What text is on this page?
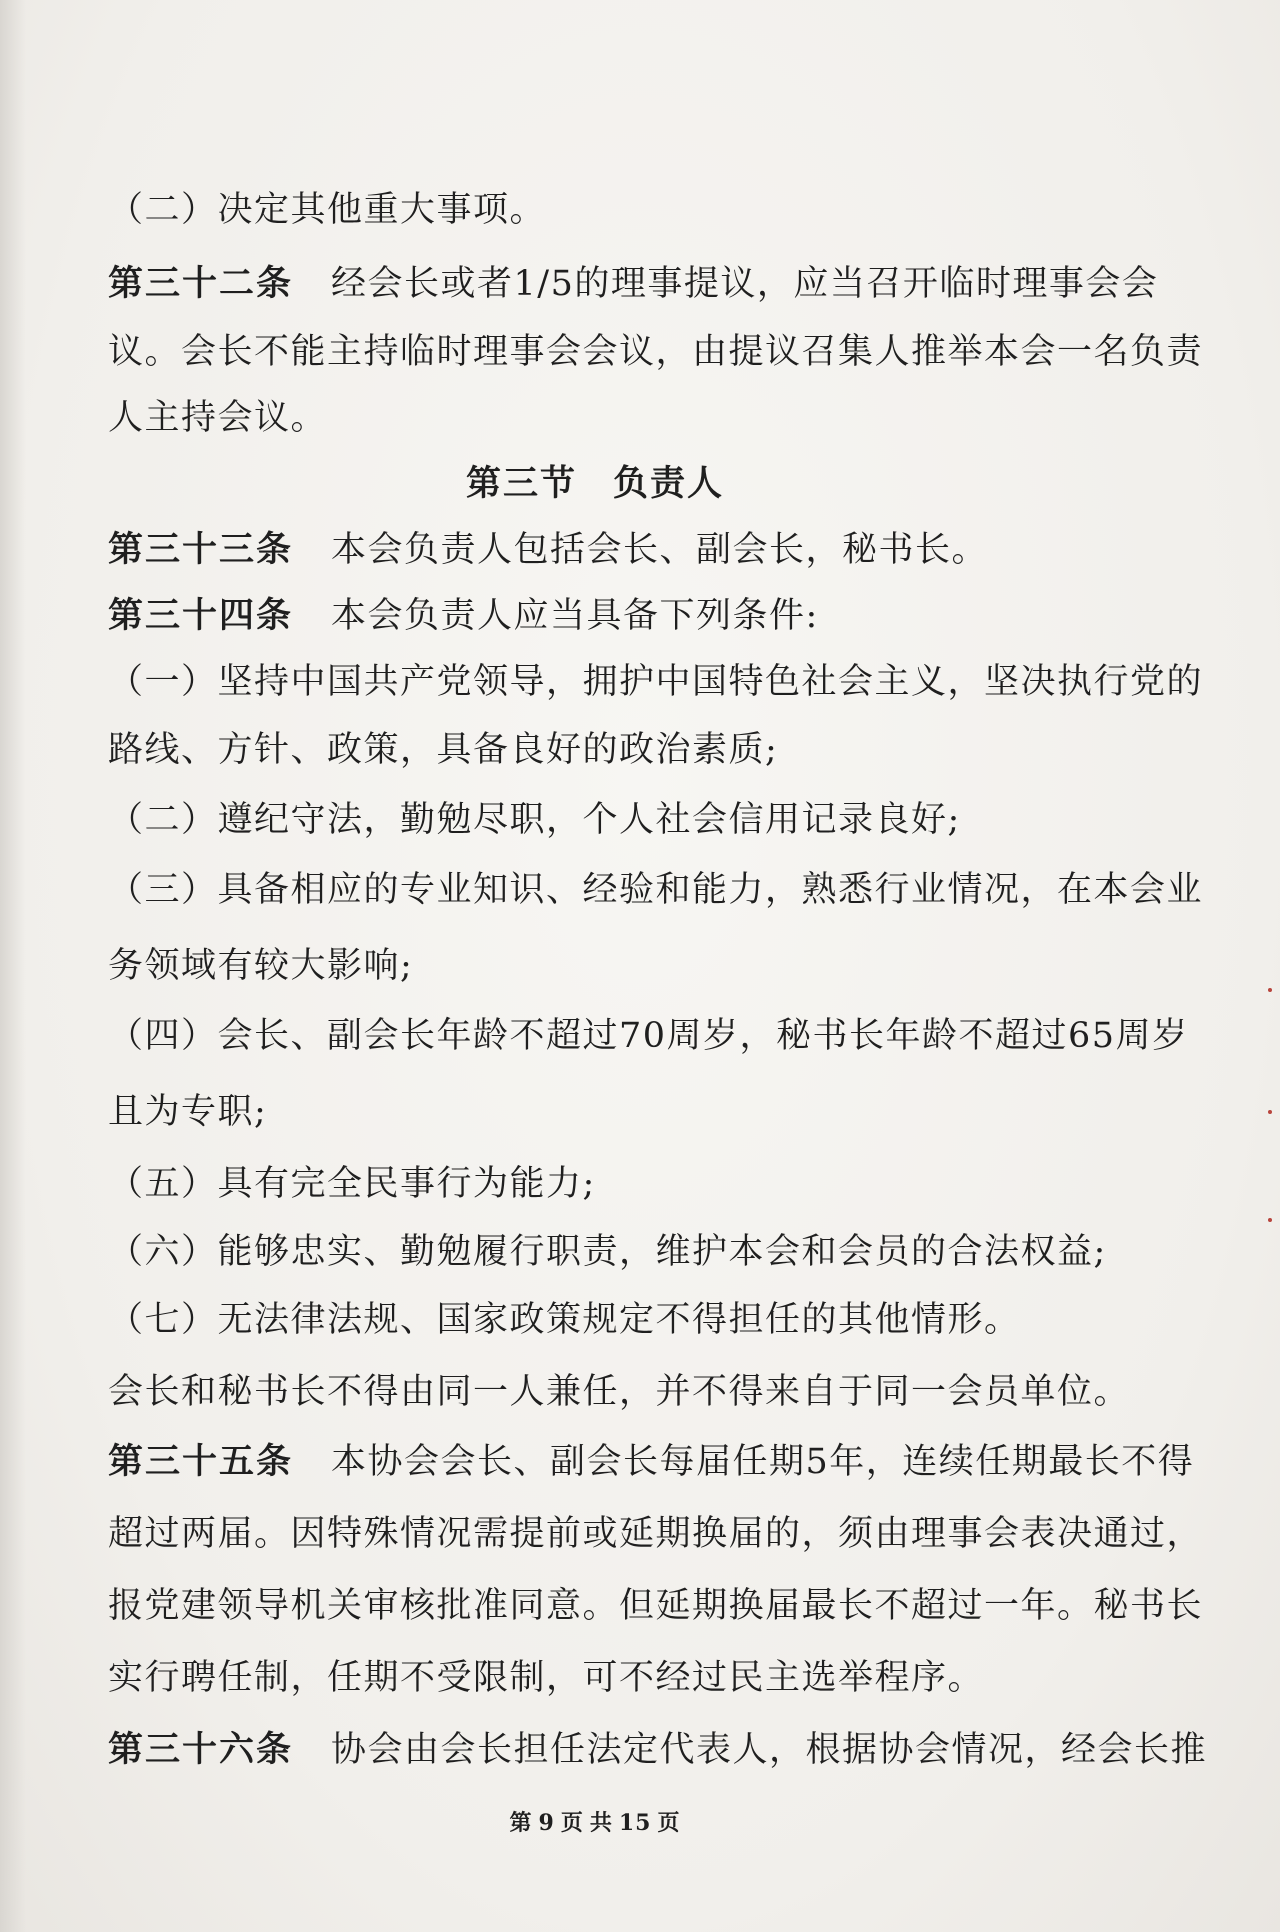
（二）决定其他重大事项。
第三十二条 经会长或者1/5的理事提议，应当召开临时理事会会
议。会长不能主持临时理事会会议，由提议召集人推举本会一名负责
人主持会议。
第三节 负责人
第三十三条 本会负责人包括会长、副会长，秘书长。
第三十四条 本会负责人应当具备下列条件:
（一）坚持中国共产党领导，拥护中国特色社会主义，坚决执行党的
路线、方针、政策，具备良好的政治素质;
（二）遵纪守法，勤勉尽职，个人社会信用记录良好;
（三）具备相应的专业知识、经验和能力，熟悉行业情况，在本会业
务领域有较大影响;
（四）会长、副会长年龄不超过70周岁，秘书长年龄不超过65周岁
且为专职;
（五）具有完全民事行为能力;
（六）能够忠实、勤勉履行职责，维护本会和会员的合法权益;
（七）无法律法规、国家政策规定不得担任的其他情形。
会长和秘书长不得由同一人兼任，并不得来自于同一会员单位。
第三十五条 本协会会长、副会长每届任期5年，连续任期最长不得
超过两届。因特殊情况需提前或延期换届的，须由理事会表决通过，
报党建领导机关审核批准同意。但延期换届最长不超过一年。秘书长
实行聘任制，任期不受限制，可不经过民主选举程序。
第三十六条 协会由会长担任法定代表人，根据协会情况，经会长推
第 9 页 共 15 页
